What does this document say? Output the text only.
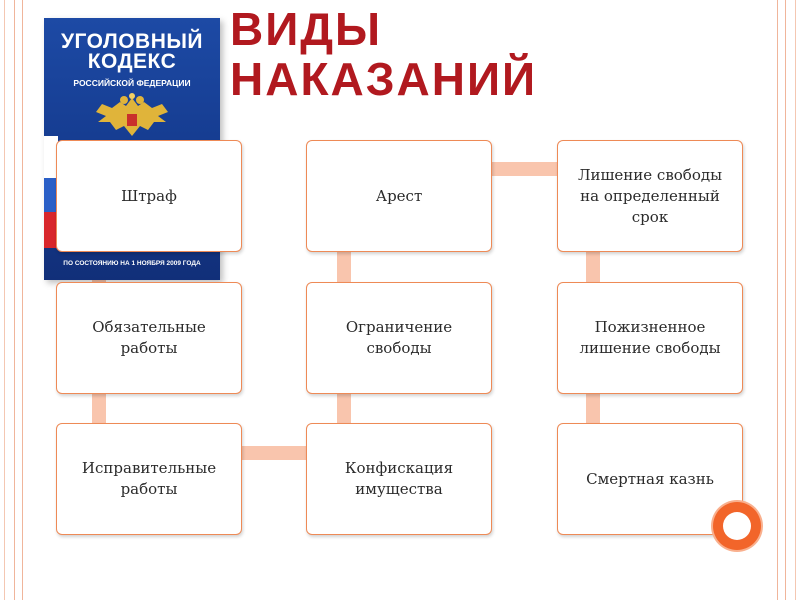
УГОЛОВНЫЙ
КОДЕКС
РОССИЙСКОЙ ФЕДЕРАЦИИ
ПО СОСТОЯНИЮ НА 1 НОЯБРЯ 2009 ГОДА
ВИДЫ
НАКАЗАНИЙ
Штраф
Обязательные работы
Исправительные работы
Конфискация имущества
Ограничение свободы
Арест
Лишение свободы на определенный срок
Пожизненное лишение свободы
Смертная казнь
